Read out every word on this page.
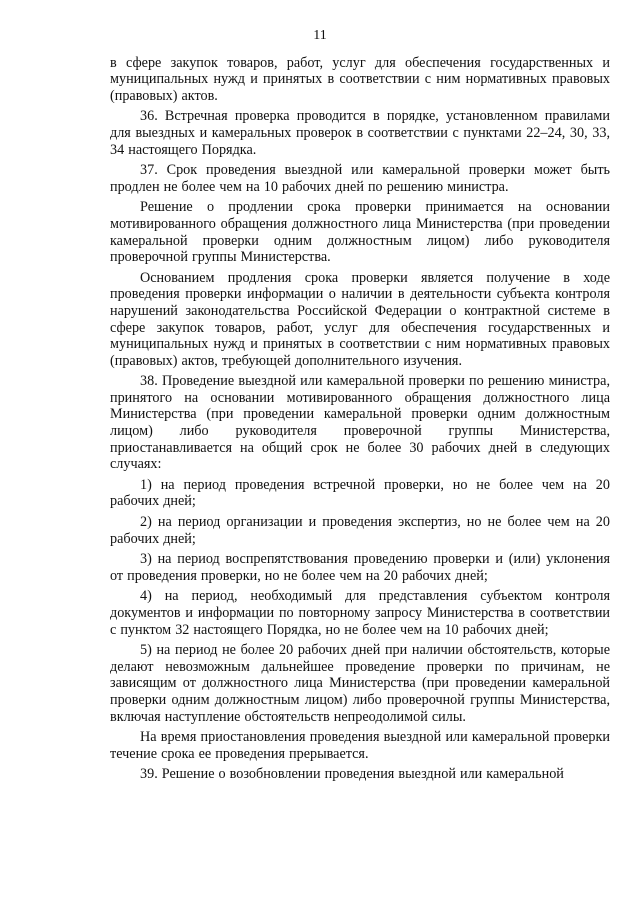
11

в сфере закупок товаров, работ, услуг для обеспечения государственных и муниципальных нужд и принятых в соответствии с ним нормативных правовых (правовых) актов.

36. Встречная проверка проводится в порядке, установленном правилами для выездных и камеральных проверок в соответствии с пунктами 22–24, 30, 33, 34 настоящего Порядка.

37. Срок проведения выездной или камеральной проверки может быть продлен не более чем на 10 рабочих дней по решению министра.

Решение о продлении срока проверки принимается на основании мотивированного обращения должностного лица Министерства (при проведении камеральной проверки одним должностным лицом) либо руководителя проверочной группы Министерства.

Основанием продления срока проверки является получение в ходе проведения проверки информации о наличии в деятельности субъекта контроля нарушений законодательства Российской Федерации о контрактной системе в сфере закупок товаров, работ, услуг для обеспечения государственных и муниципальных нужд и принятых в соответствии с ним нормативных правовых (правовых) актов, требующей дополнительного изучения.

38. Проведение выездной или камеральной проверки по решению министра, принятого на основании мотивированного обращения должностного лица Министерства (при проведении камеральной проверки одним должностным лицом) либо руководителя проверочной группы Министерства, приостанавливается на общий срок не более 30 рабочих дней в следующих случаях:

1) на период проведения встречной проверки, но не более чем на 20 рабочих дней;

2) на период организации и проведения экспертиз, но не более чем на 20 рабочих дней;

3) на период воспрепятствования проведению проверки и (или) уклонения от проведения проверки, но не более чем на 20 рабочих дней;

4) на период, необходимый для представления субъектом контроля документов и информации по повторному запросу Министерства в соответствии с пунктом 32 настоящего Порядка, но не более чем на 10 рабочих дней;

5) на период не более 20 рабочих дней при наличии обстоятельств, которые делают невозможным дальнейшее проведение проверки по причинам, не зависящим от должностного лица Министерства (при проведении камеральной проверки одним должностным лицом) либо проверочной группы Министерства, включая наступление обстоятельств непреодолимой силы.

На время приостановления проведения выездной или камеральной проверки течение срока ее проведения прерывается.

39. Решение о возобновлении проведения выездной или камеральной
